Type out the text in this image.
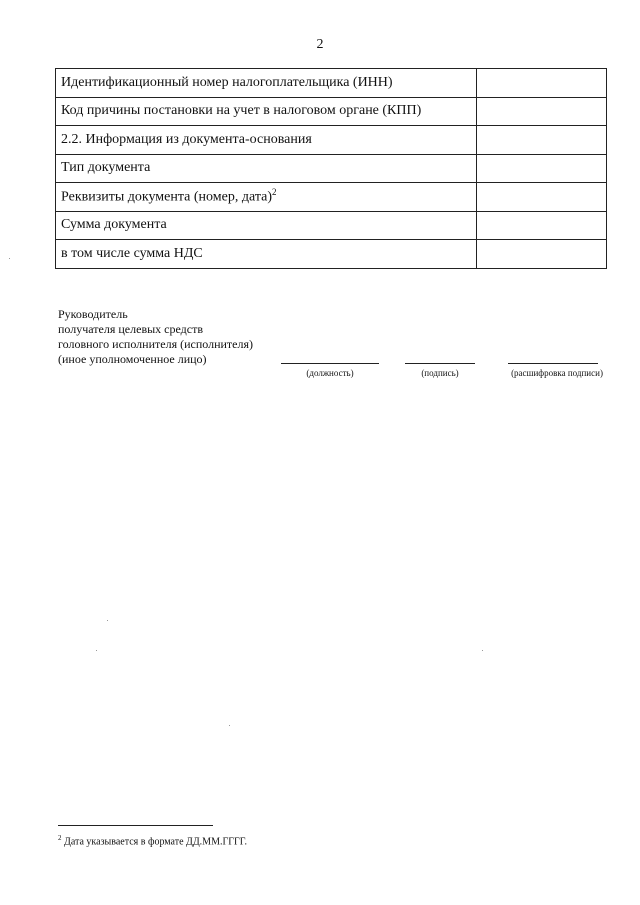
2
Идентификационный номер налогоплательщика (ИНН)	
Код причины постановки на учет в налоговом органе (КПП)	
2.2. Информация из документа-основания	
Тип документа	
Реквизиты документа (номер, дата)$^2$	
Сумма документа	
в том числе сумма НДС	
Руководитель
получателя целевых средств
головного исполнителя (исполнителя)
(иное уполномоченное лицо)
(должность)	(подпись)	(расшифровка подписи)
$^2$ Дата указывается в формате ДД.ММ.ГГГГ.
